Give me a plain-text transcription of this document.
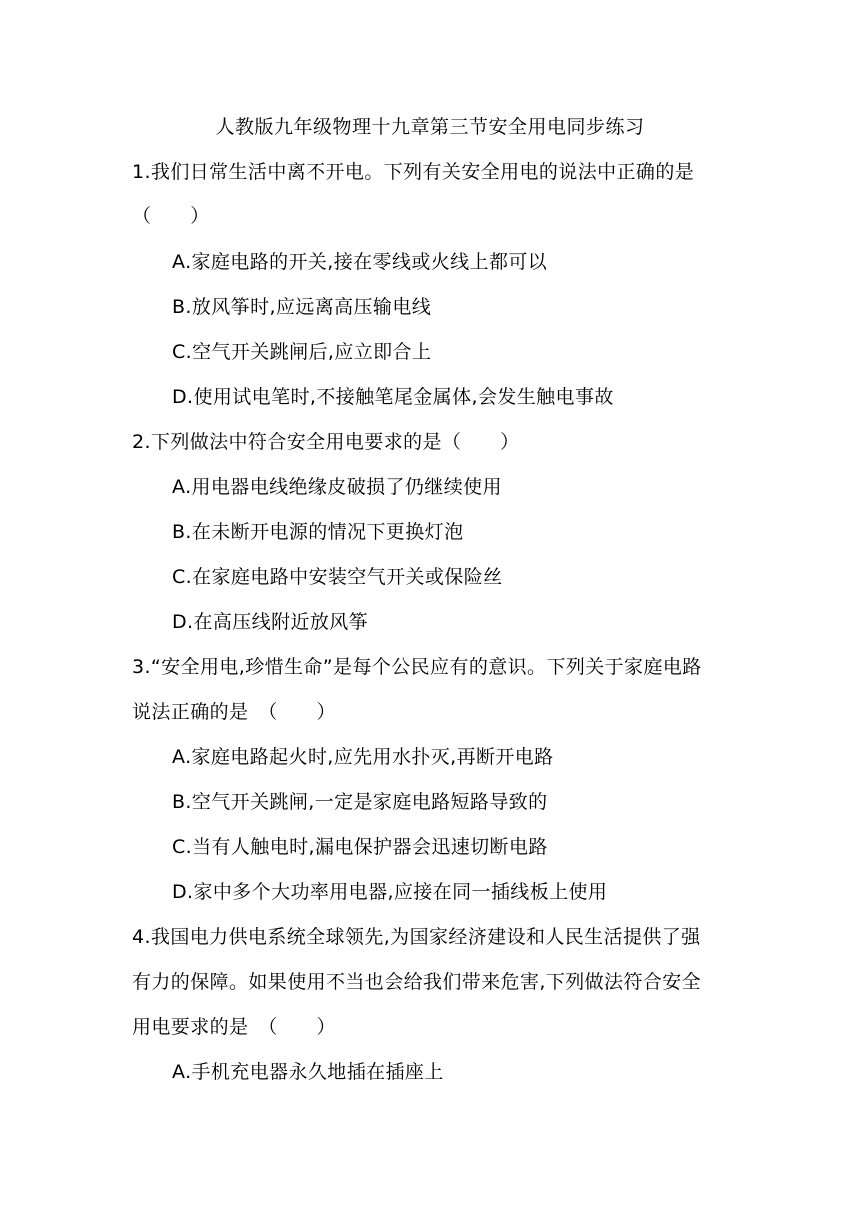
人教版九年级物理十九章第三节安全用电同步练习
1.我们日常生活中离不开电。下列有关安全用电的说法中正确的是
（　　）
A.家庭电路的开关,接在零线或火线上都可以
B.放风筝时,应远离高压输电线
C.空气开关跳闸后,应立即合上
D.使用试电笔时,不接触笔尾金属体,会发生触电事故
2.下列做法中符合安全用电要求的是（　　）
A.用电器电线绝缘皮破损了仍继续使用
B.在未断开电源的情况下更换灯泡
C.在家庭电路中安装空气开关或保险丝
D.在高压线附近放风筝
3.“安全用电,珍惜生命”是每个公民应有的意识。下列关于家庭电路
说法正确的是　（　　）
A.家庭电路起火时,应先用水扑灭,再断开电路
B.空气开关跳闸,一定是家庭电路短路导致的
C.当有人触电时,漏电保护器会迅速切断电路
D.家中多个大功率用电器,应接在同一插线板上使用
4.我国电力供电系统全球领先,为国家经济建设和人民生活提供了强
有力的保障。如果使用不当也会给我们带来危害,下列做法符合安全
用电要求的是　（　　）
A.手机充电器永久地插在插座上
